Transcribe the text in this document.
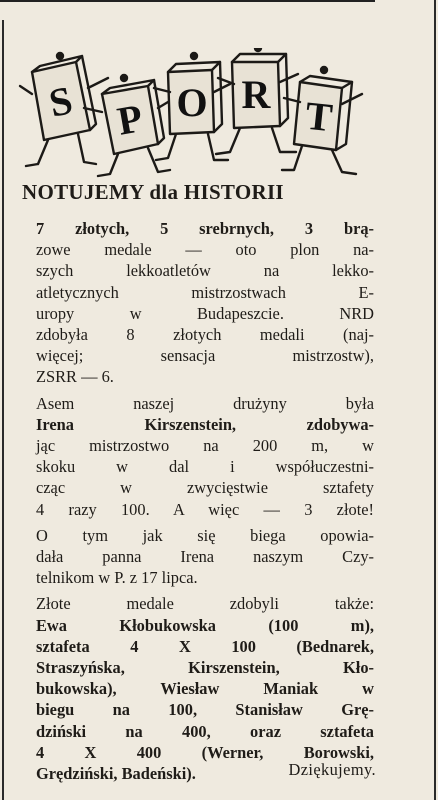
S P O R T
NOTUJEMY dla HISTORII

7 złotych, 5 srebrnych, 3 brą-
zowe medale — oto plon na-
szych lekkoatletów na lekko-
atletycznych mistrzostwach E-
uropy w Budapeszcie. NRD
zdobyła 8 złotych medali (naj-
więcej; sensacja mistrzostw),
ZSRR — 6.

Asem naszej drużyny była
Irena Kirszenstein, zdobywa-
jąc mistrzostwo na 200 m, w
skoku w dal i współuczestni-
cząc w zwycięstwie sztafety
4 razy 100. A więc — 3 złote!

O tym jak się biega opowia-
dała panna Irena naszym Czy-
telnikom w P. z 17 lipca.

Złote medale zdobyli także:
Ewa Kłobukowska (100 m),
sztafeta 4 X 100 (Bednarek,
Straszyńska, Kirszenstein, Kło-
bukowska), Wiesław Maniak w
biegu na 100, Stanisław Grę-
dziński na 400, oraz sztafeta
4 X 400 (Werner, Borowski,
Grędziński, Badeński).	Dziękujemy.
